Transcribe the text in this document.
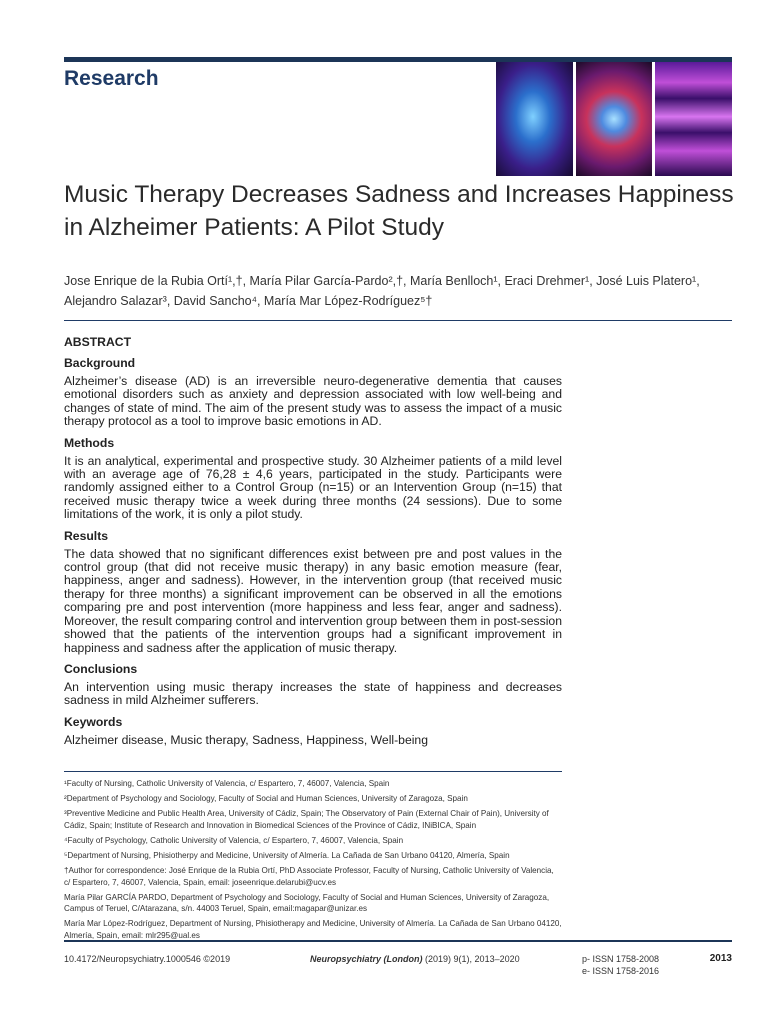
Research
Music Therapy Decreases Sadness and Increases Happiness in Alzheimer Patients: A Pilot Study
Jose Enrique de la Rubia Ortí¹,†, María Pilar García-Pardo²,†, María Benlloch¹, Eraci Drehmer¹, José Luis Platero¹, Alejandro Salazar³, David Sancho⁴, María Mar López-Rodríguez⁵†
ABSTRACT
Background

Alzheimer’s disease (AD) is an irreversible neuro-degenerative dementia that causes emotional disorders such as anxiety and depression associated with low well-being and changes of state of mind. The aim of the present study was to assess the impact of a music therapy protocol as a tool to improve basic emotions in AD.

Methods

It is an analytical, experimental and prospective study. 30 Alzheimer patients of a mild level with an average age of 76,28 ± 4,6 years, participated in the study. Participants were randomly assigned either to a Control Group (n=15) or an Intervention Group (n=15) that received music therapy twice a week during three months (24 sessions). Due to some limitations of the work, it is only a pilot study.

Results

The data showed that no significant differences exist between pre and post values in the control group (that did not receive music therapy) in any basic emotion measure (fear, happiness, anger and sadness). However, in the intervention group (that received music therapy for three months) a significant improvement can be observed in all the emotions comparing pre and post intervention (more happiness and less fear, anger and sadness). Moreover, the result comparing control and intervention group between them in post-session showed that the patients of the intervention groups had a significant improvement in happiness and sadness after the application of music therapy.

Conclusions

An intervention using music therapy increases the state of happiness and decreases sadness in mild Alzheimer sufferers.

Keywords

Alzheimer disease, Music therapy, Sadness, Happiness, Well-being

¹Faculty of Nursing, Catholic University of Valencia, c/ Espartero, 7, 46007, Valencia, Spain
²Department of Psychology and Sociology, Faculty of Social and Human Sciences, University of Zaragoza, Spain
³Preventive Medicine and Public Health Area, University of Cádiz, Spain; The Observatory of Pain (External Chair of Pain), University of Cádiz, Spain; Institute of Research and Innovation in Biomedical Sciences of the Province of Cádiz, INiBICA, Spain
⁴Faculty of Psychology, Catholic University of Valencia, c/ Espartero, 7, 46007, Valencia, Spain
⁵Department of Nursing, Phisiotherpy and Medicine, University of Almería. La Cañada de San Urbano 04120, Almería, Spain
†Author for correspondence: José Enrique de la Rubia Ortí, PhD Associate Professor, Faculty of Nursing, Catholic University of Valencia, c/ Espartero, 7, 46007, Valencia, Spain, email: joseenrique.delarubi@ucv.es
María Pilar GARCÍA PARDO, Department of Psychology and Sociology, Faculty of Social and Human Sciences, University of Zaragoza, Campus of Teruel, C/Atarazana, s/n. 44003 Teruel, Spain, email:magapar@unizar.es
María Mar López-Rodríguez, Department of Nursing, Phisiotherapy and Medicine, University of Almería. La Cañada de San Urbano 04120, Almería, Spain, email: mlr295@ual.es
10.4172/Neuropsychiatry.1000546 ©2019	Neuropsychiatry (London) (2019) 9(1), 2013–2020	p- ISSN 1758-2008
e- ISSN 1758-2016
2013
